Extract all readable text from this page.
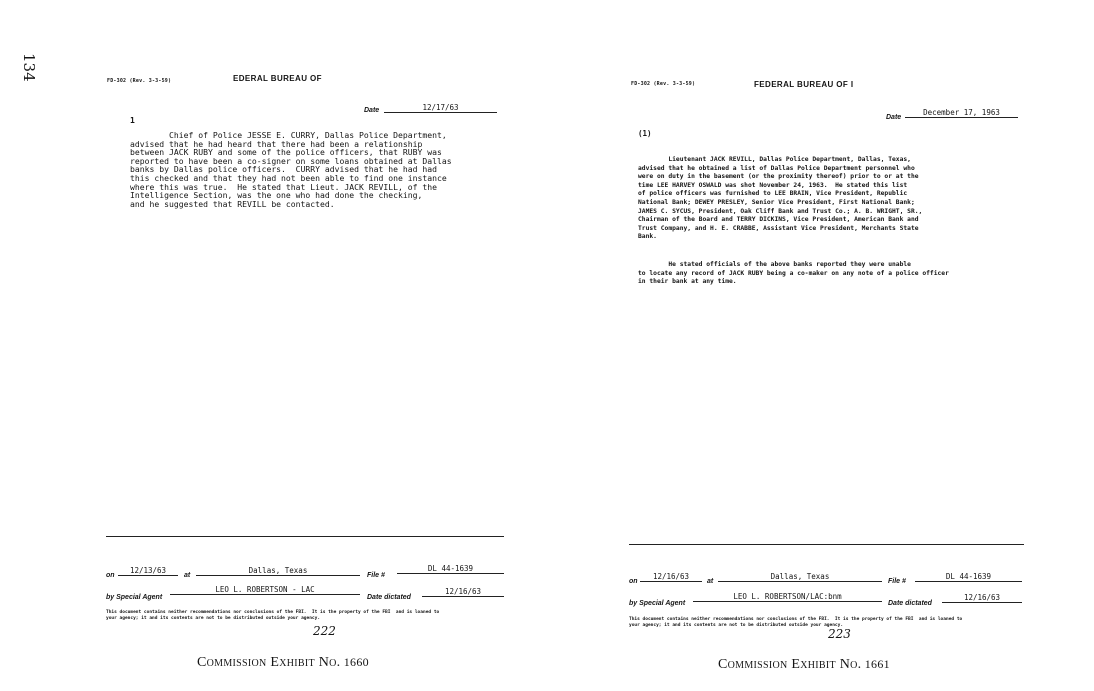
134	FD-302 (Rev. 3-3-59)	EDERAL BUREAU OF
Date	12/17/63
1
Chief of Police JESSE E. CURRY, Dallas Police Department,
advised that he had heard that there had been a relationship
between JACK RUBY and some of the police officers, that RUBY was
reported to have been a co-signer on some loans obtained at Dallas
banks by Dallas police officers.  CURRY advised that he had had
this checked and that they had not been able to find one instance
where this was true.  He stated that Lieut. JACK REVILL, of the
Intelligence Section, was the one who had done the checking,
and he suggested that REVILL be contacted.
on
12/13/63
at
Dallas, Texas
File #
DL 44-1639
by Special Agent
LEO L. ROBERTSON - LAC
Date dictated
12/16/63
This document contains neither recommendations nor conclusions of the FBI.  It is the property of the FBI  and is loaned to
your agency; it and its contents are not to be distributed outside your agency.
222
Commission Exhibit No. 1660
FD-302 (Rev. 3-3-59)	FEDERAL BUREAU OF I
Date
December 17, 1963
(1)
Lieutenant JACK REVILL, Dallas Police Department, Dallas, Texas,
advised that he obtained a list of Dallas Police Department personnel who
were on duty in the basement (or the proximity thereof) prior to or at the
time LEE HARVEY OSWALD was shot November 24, 1963.  He stated this list
of police officers was furnished to LEE BRAIN, Vice President, Republic
National Bank; DEWEY PRESLEY, Senior Vice President, First National Bank;
JAMES C. SYCUS, President, Oak Cliff Bank and Trust Co.; A. B. WRIGHT, SR.,
Chairman of the Board and TERRY DICKINS, Vice President, American Bank and
Trust Company, and H. E. CRABBE, Assistant Vice President, Merchants State
Bank.
He stated officials of the above banks reported they were unable
to locate any record of JACK RUBY being a co-maker on any note of a police officer
in their bank at any time.
on
12/16/63
at
Dallas, Texas
File #
DL 44-1639
by Special Agent
LEO L. ROBERTSON/LAC:bnm
Date dictated
12/16/63
This document contains neither recommendations nor conclusions of the FBI.  It is the property of the FBI  and is loaned to
your agency; it and its contents are not to be distributed outside your agency.
223
Commission Exhibit No. 1661
